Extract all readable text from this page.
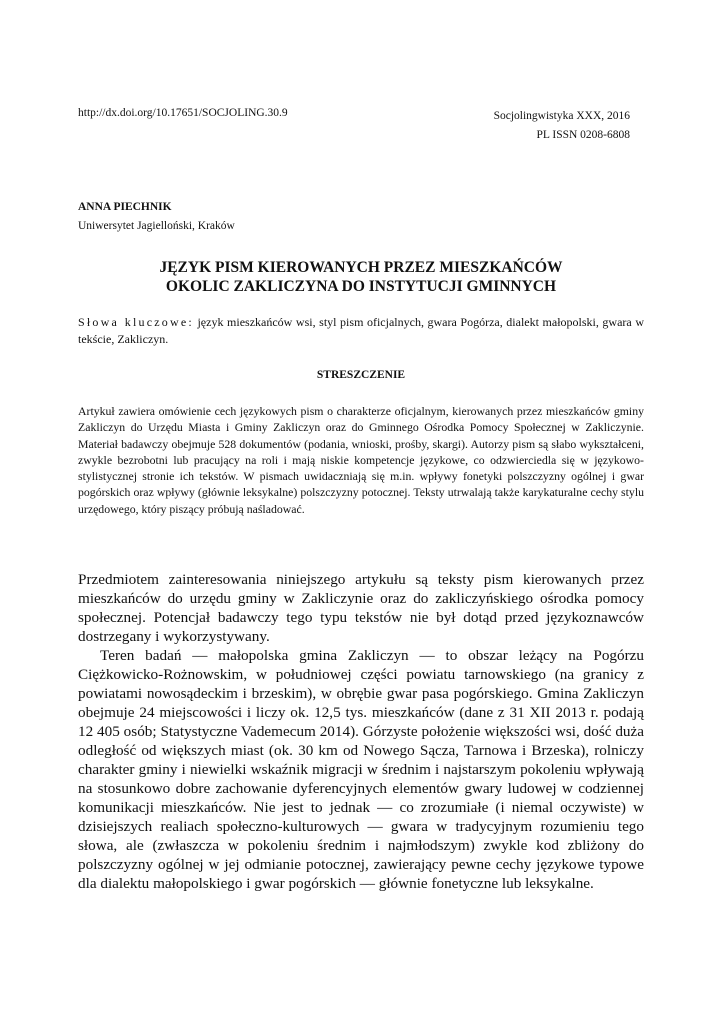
http://dx.doi.org/10.17651/SOCJOLING.30.9	Socjolingwistyka XXX, 2016
PL ISSN 0208-6808
ANNA PIECHNIK
Uniwersytet Jagielloński, Kraków
JĘZYK PISM KIEROWANYCH PRZEZ MIESZKAŃCÓW
OKOLIC ZAKLICZYNA DO INSTYTUCJI GMINNYCH
Słowa kluczowe: język mieszkańców wsi, styl pism oficjalnych, gwara Pogórza, dialekt małopolski, gwara w tekście, Zakliczyn.
STRESZCZENIE
Artykuł zawiera omówienie cech językowych pism o charakterze oficjalnym, kierowanych przez mieszkańców gminy Zakliczyn do Urzędu Miasta i Gminy Zakliczyn oraz do Gminnego Ośrodka Pomocy Społecznej w Zakliczynie. Materiał badawczy obejmuje 528 dokumentów (podania, wnioski, prośby, skargi). Autorzy pism są słabo wykształceni, zwykle bezrobotni lub pracujący na roli i mają niskie kompetencje językowe, co odzwierciedla się w językowo-stylistycznej stronie ich tekstów. W pismach uwidaczniają się m.in. wpływy fonetyki polszczyzny ogólnej i gwar pogórskich oraz wpływy (głównie leksykalne) polszczyzny potocznej. Teksty utrwalają także karykaturalne cechy stylu urzędowego, który piszący próbują naśladować.

Przedmiotem zainteresowania niniejszego artykułu są teksty pism kierowanych przez mieszkańców do urzędu gminy w Zakliczynie oraz do zakliczyńskiego ośrodka pomocy społecznej. Potencjał badawczy tego typu tekstów nie był dotąd przed językoznawców dostrzegany i wykorzystywany.

Teren badań — małopolska gmina Zakliczyn — to obszar leżący na Pogórzu Ciężkowicko-Rożnowskim, w południowej części powiatu tarnowskiego (na granicy z powiatami nowosądeckim i brzeskim), w obrębie gwar pasa pogórskiego. Gmina Zakliczyn obejmuje 24 miejscowości i liczy ok. 12,5 tys. mieszkańców (dane z 31 XII 2013 r. podają 12 405 osób; Statystyczne Vademecum 2014). Górzyste położenie większości wsi, dość duża odległość od większych miast (ok. 30 km od Nowego Sącza, Tarnowa i Brzeska), rolniczy charakter gminy i niewielki wskaźnik migracji w średnim i najstarszym pokoleniu wpływają na stosunkowo dobre zachowanie dyferencyjnych elementów gwary ludowej w codziennej komunikacji mieszkańców. Nie jest to jednak — co zrozumiałe (i niemal oczywiste) w dzisiejszych realiach społeczno-kulturowych — gwara w tradycyjnym rozumieniu tego słowa, ale (zwłaszcza w pokoleniu średnim i najmłodszym) zwykle kod zbliżony do polszczyzny ogólnej w jej odmianie potocznej, zawierający pewne cechy językowe typowe dla dialektu małopolskiego i gwar pogórskich — głównie fonetyczne lub leksykalne.
